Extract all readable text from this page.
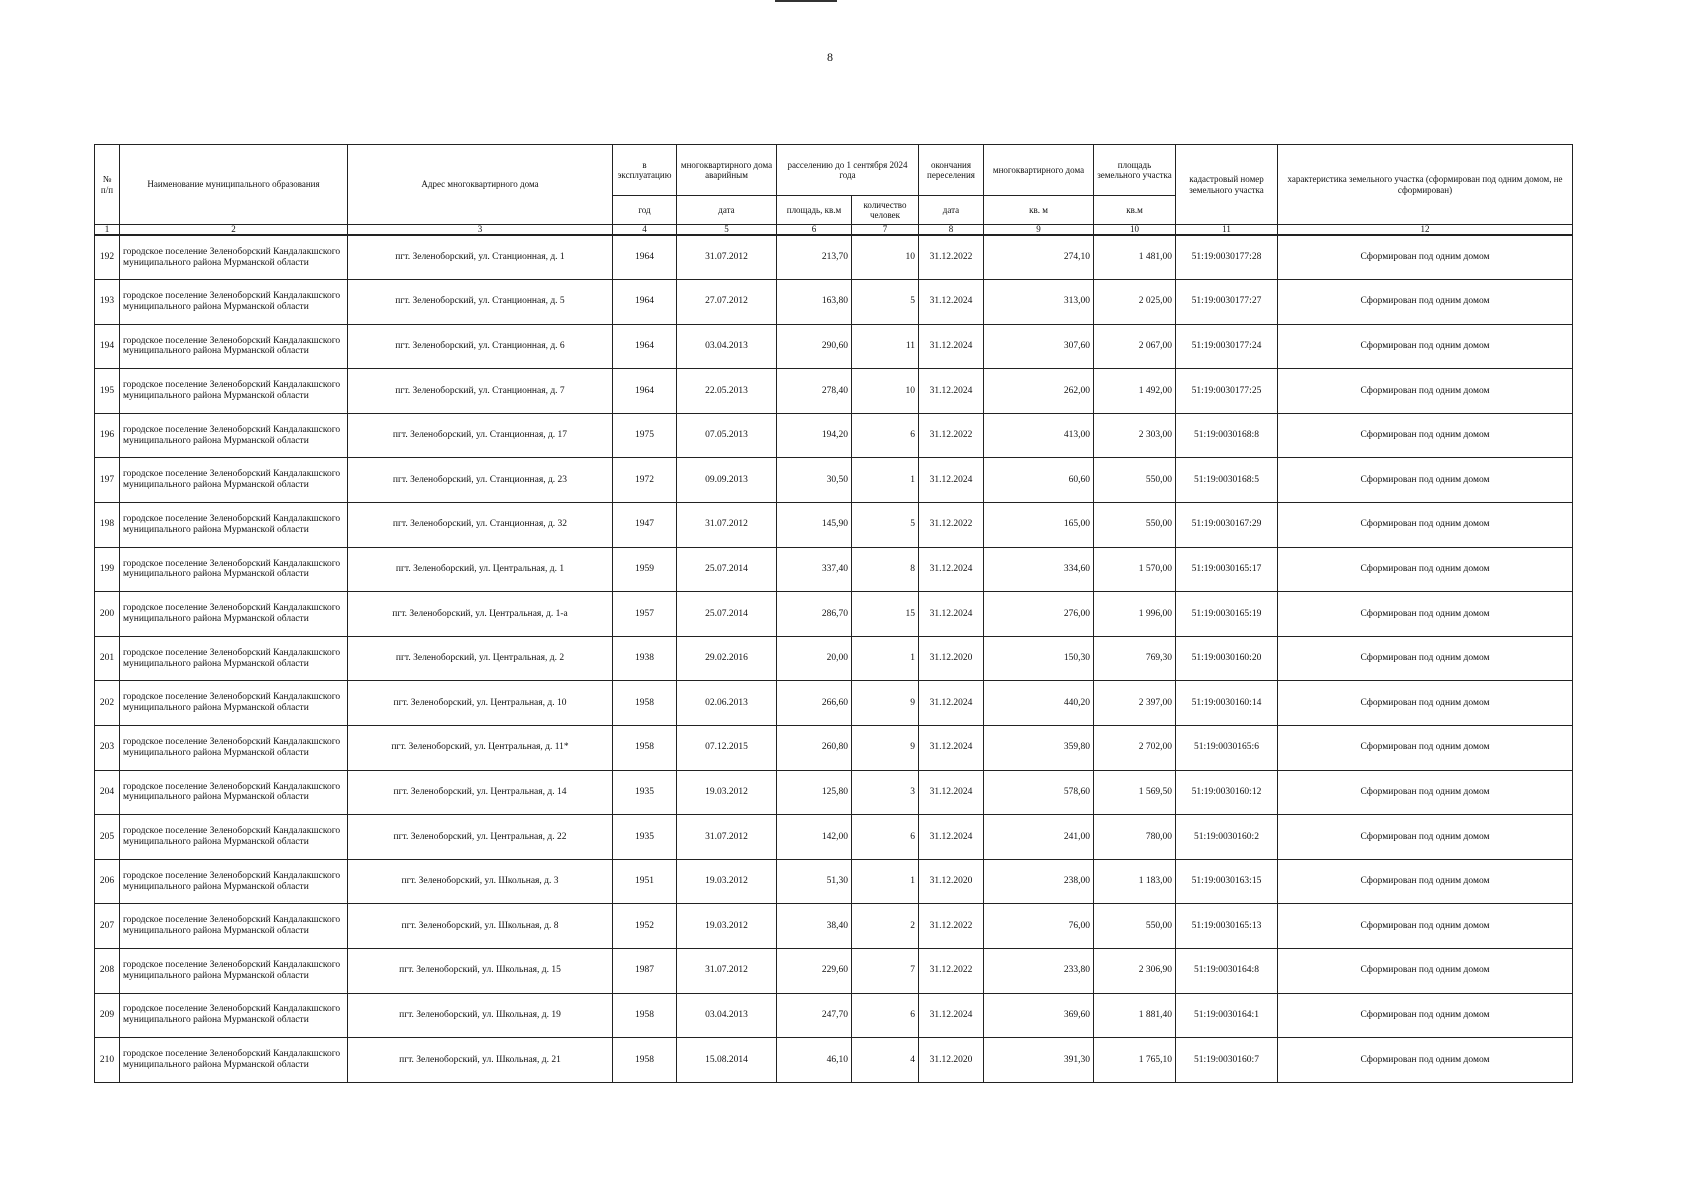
8
№ п/п	Наименование муниципального образования	Адрес многоквартирного дома	в эксплуатацию	многоквартирного дома аварийным	расселению до 1 сентября 2024 года		окончания переселения	многоквартирного дома	площадь земельного участка	кадастровый номер земельного участка	характеристика земельного участка (сформирован под одним домом, не сформирован)
			год	дата	площадь, кв.м	количество человек	дата	кв. м	кв.м		
1	2	3	4	5	6	7	8	9	10	11	12
192	городское поселение Зеленоборский Кандалакшского муниципального района Мурманской области	пгт. Зеленоборский, ул. Станционная, д. 1	1964	31.07.2012	213,70	10	31.12.2022	274,10	1 481,00	51:19:0030177:28	Сформирован под одним домом
193	городское поселение Зеленоборский Кандалакшского муниципального района Мурманской области	пгт. Зеленоборский, ул. Станционная, д. 5	1964	27.07.2012	163,80	5	31.12.2024	313,00	2 025,00	51:19:0030177:27	Сформирован под одним домом
194	городское поселение Зеленоборский Кандалакшского муниципального района Мурманской области	пгт. Зеленоборский, ул. Станционная, д. 6	1964	03.04.2013	290,60	11	31.12.2024	307,60	2 067,00	51:19:0030177:24	Сформирован под одним домом
195	городское поселение Зеленоборский Кандалакшского муниципального района Мурманской области	пгт. Зеленоборский, ул. Станционная, д. 7	1964	22.05.2013	278,40	10	31.12.2024	262,00	1 492,00	51:19:0030177:25	Сформирован под одним домом
196	городское поселение Зеленоборский Кандалакшского муниципального района Мурманской области	пгт. Зеленоборский, ул. Станционная, д. 17	1975	07.05.2013	194,20	6	31.12.2022	413,00	2 303,00	51:19:0030168:8	Сформирован под одним домом
197	городское поселение Зеленоборский Кандалакшского муниципального района Мурманской области	пгт. Зеленоборский, ул. Станционная, д. 23	1972	09.09.2013	30,50	1	31.12.2024	60,60	550,00	51:19:0030168:5	Сформирован под одним домом
198	городское поселение Зеленоборский Кандалакшского муниципального района Мурманской области	пгт. Зеленоборский, ул. Станционная, д. 32	1947	31.07.2012	145,90	5	31.12.2022	165,00	550,00	51:19:0030167:29	Сформирован под одним домом
199	городское поселение Зеленоборский Кандалакшского муниципального района Мурманской области	пгт. Зеленоборский, ул. Центральная, д. 1	1959	25.07.2014	337,40	8	31.12.2024	334,60	1 570,00	51:19:0030165:17	Сформирован под одним домом
200	городское поселение Зеленоборский Кандалакшского муниципального района Мурманской области	пгт. Зеленоборский, ул. Центральная, д. 1-а	1957	25.07.2014	286,70	15	31.12.2024	276,00	1 996,00	51:19:0030165:19	Сформирован под одним домом
201	городское поселение Зеленоборский Кандалакшского муниципального района Мурманской области	пгт. Зеленоборский, ул. Центральная, д. 2	1938	29.02.2016	20,00	1	31.12.2020	150,30	769,30	51:19:0030160:20	Сформирован под одним домом
202	городское поселение Зеленоборский Кандалакшского муниципального района Мурманской области	пгт. Зеленоборский, ул. Центральная, д. 10	1958	02.06.2013	266,60	9	31.12.2024	440,20	2 397,00	51:19:0030160:14	Сформирован под одним домом
203	городское поселение Зеленоборский Кандалакшского муниципального района Мурманской области	пгт. Зеленоборский, ул. Центральная, д. 11*	1958	07.12.2015	260,80	9	31.12.2024	359,80	2 702,00	51:19:0030165:6	Сформирован под одним домом
204	городское поселение Зеленоборский Кандалакшского муниципального района Мурманской области	пгт. Зеленоборский, ул. Центральная, д. 14	1935	19.03.2012	125,80	3	31.12.2024	578,60	1 569,50	51:19:0030160:12	Сформирован под одним домом
205	городское поселение Зеленоборский Кандалакшского муниципального района Мурманской области	пгт. Зеленоборский, ул. Центральная, д. 22	1935	31.07.2012	142,00	6	31.12.2024	241,00	780,00	51:19:0030160:2	Сформирован под одним домом
206	городское поселение Зеленоборский Кандалакшского муниципального района Мурманской области	пгт. Зеленоборский, ул. Школьная, д. 3	1951	19.03.2012	51,30	1	31.12.2020	238,00	1 183,00	51:19:0030163:15	Сформирован под одним домом
207	городское поселение Зеленоборский Кандалакшского муниципального района Мурманской области	пгт. Зеленоборский, ул. Школьная, д. 8	1952	19.03.2012	38,40	2	31.12.2022	76,00	550,00	51:19:0030165:13	Сформирован под одним домом
208	городское поселение Зеленоборский Кандалакшского муниципального района Мурманской области	пгт. Зеленоборский, ул. Школьная, д. 15	1987	31.07.2012	229,60	7	31.12.2022	233,80	2 306,90	51:19:0030164:8	Сформирован под одним домом
209	городское поселение Зеленоборский Кандалакшского муниципального района Мурманской области	пгт. Зеленоборский, ул. Школьная, д. 19	1958	03.04.2013	247,70	6	31.12.2024	369,60	1 881,40	51:19:0030164:1	Сформирован под одним домом
210	городское поселение Зеленоборский Кандалакшского муниципального района Мурманской области	пгт. Зеленоборский, ул. Школьная, д. 21	1958	15.08.2014	46,10	4	31.12.2020	391,30	1 765,10	51:19:0030160:7	Сформирован под одним домом
